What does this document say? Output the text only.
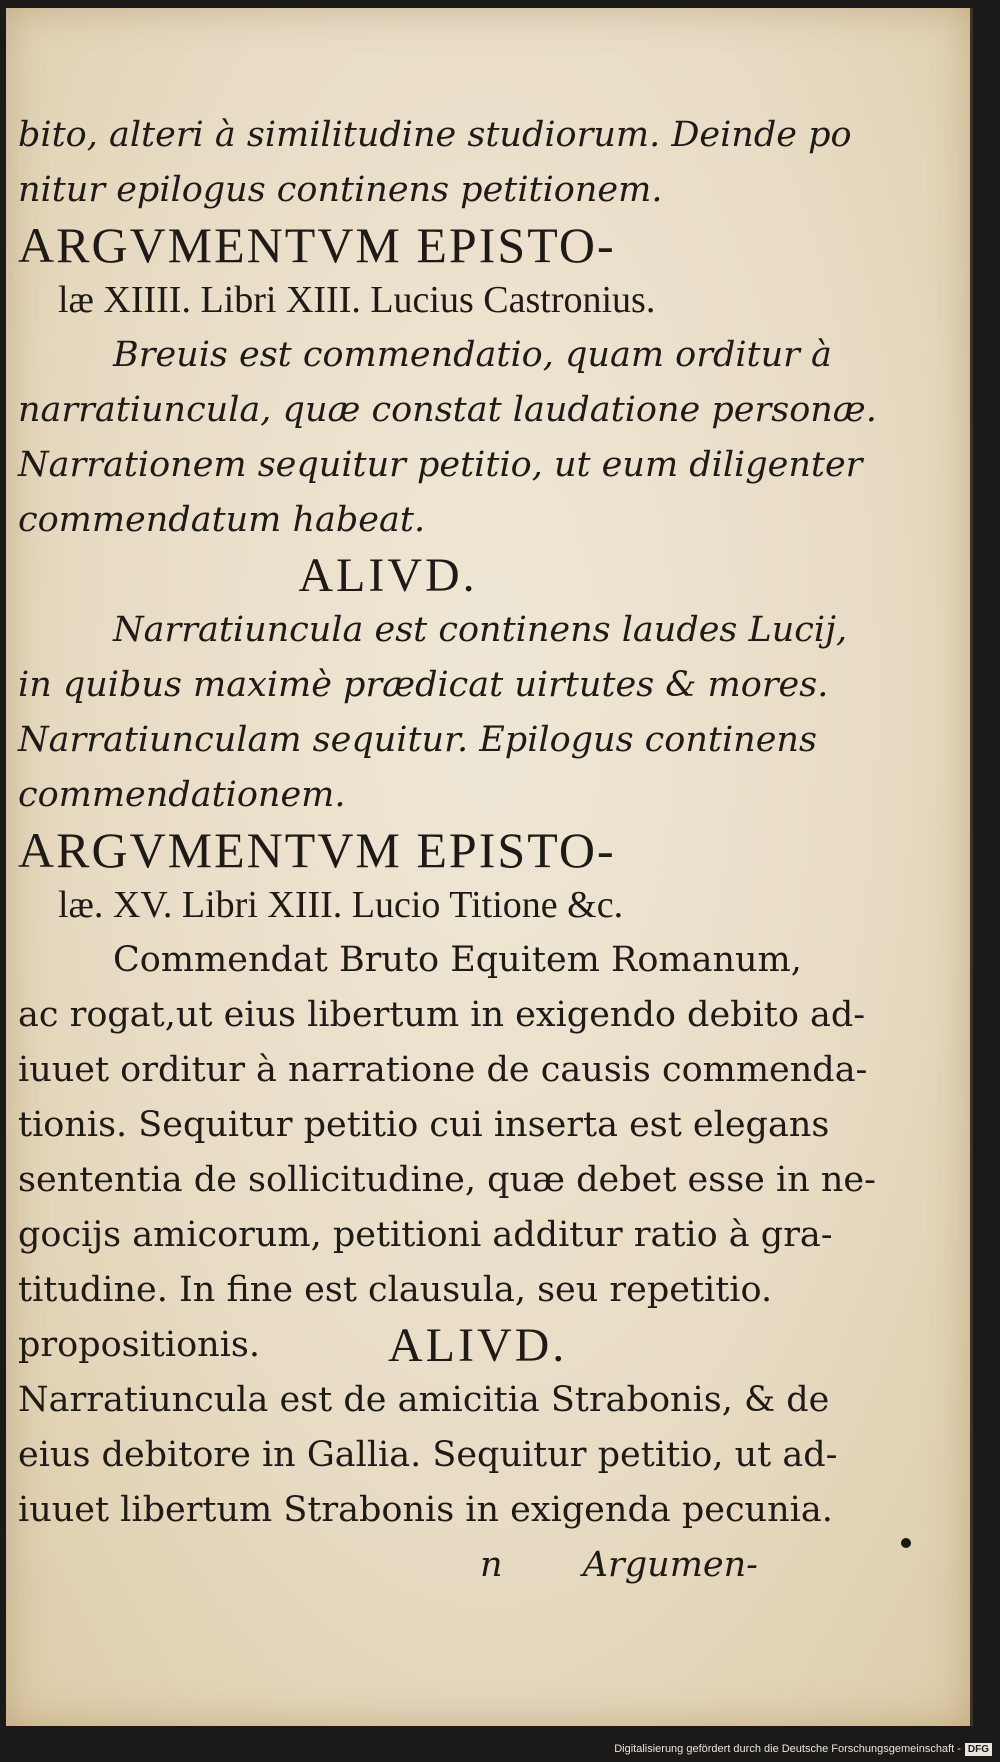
bito, alteri à similitudine studiorum. Deinde po
nitur epilogus continens petitionem.
ARGVMENTVM EPISTO-
læ XIIII. Libri XIII. Lucius Castronius.
Breuis est commendatio, quam orditur à
narratiuncula, quæ constat laudatione personæ.
Narrationem sequitur petitio, ut eum diligenter
commendatum habeat.
ALIVD.
Narratiuncula est continens laudes Lucij,
in quibus maximè prædicat uirtutes & mores.
Narratiunculam sequitur. Epilogus continens
commendationem.
ARGVMENTVM EPISTO-
læ. XV. Libri XIII. Lucio Titione &c.
Commendat Bruto Equitem Romanum,
ac rogat,ut eius libertum in exigendo debito ad-
iuuet orditur à narratione de causis commenda-
tionis. Sequitur petitio cui inserta est elegans
sententia de sollicitudine, quæ debet esse in ne-
gocijs amicorum, petitioni additur ratio à gra-
titudine. In fine est clausula, seu repetitio.
propositionis.	ALIVD.
Narratiuncula est de amicitia Strabonis, & de
eius debitore in Gallia. Sequitur petitio, ut ad-
iuuet libertum Strabonis in exigenda pecunia.
n Argumen-
Digitalisierung gefördert durch die Deutsche Forschungsgemeinschaft - DFG
